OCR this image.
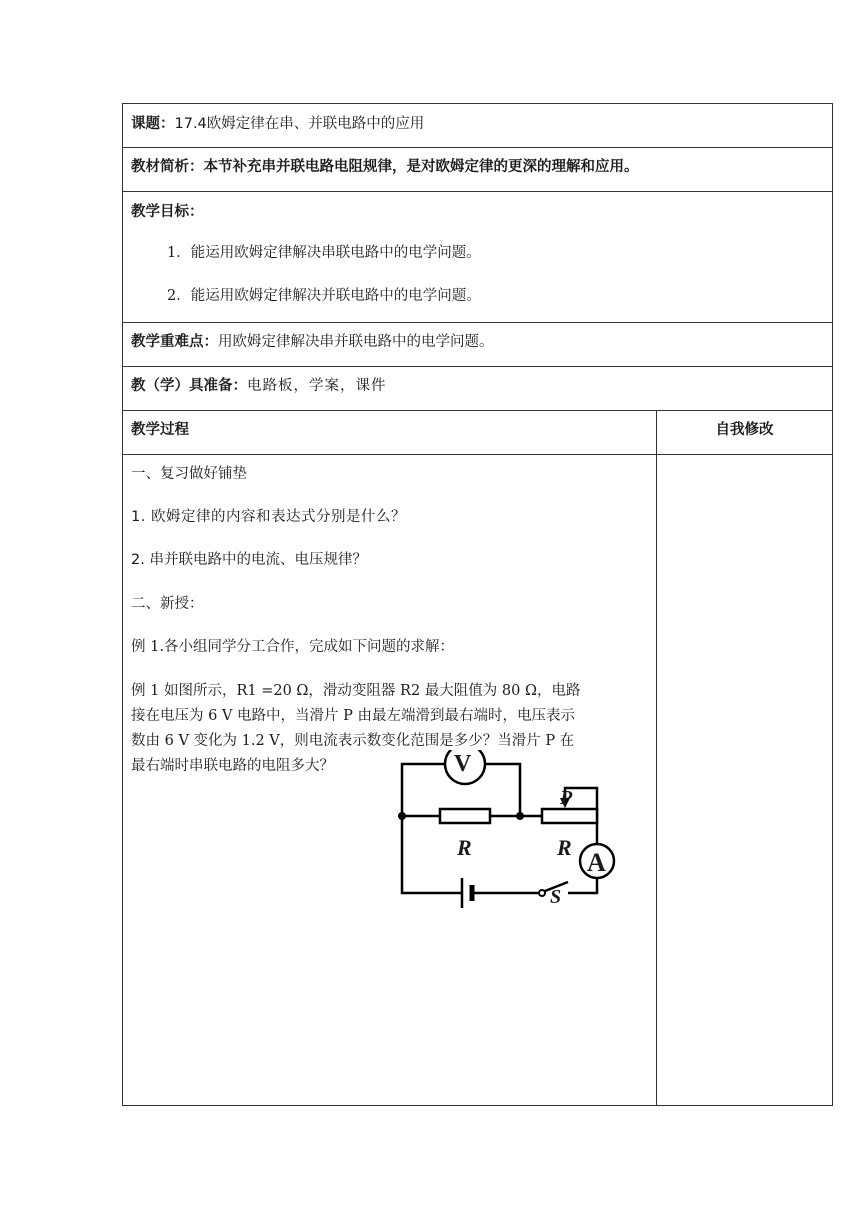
课题：17.4欧姆定律在串、并联电路中的应用
教材简析：本节补充串并联电路电阻规律，是对欧姆定律的更深的理解和应用。
教学目标：
1．能运用欧姆定律解决串联电路中的电学问题。
2．能运用欧姆定律解决并联电路中的电学问题。
教学重难点：用欧姆定律解决串并联电路中的电学问题。
教（学）具准备：电路板，学案，课件
教学过程	自我修改
一、复习做好铺垫
1. 欧姆定律的内容和表达式分别是什么？
2. 串并联电路中的电流、电压规律？
二、新授：
例 1.各小组同学分工合作，完成如下问题的求解：
例 1 如图所示，R1 =20 Ω，滑动变阻器 R2 最大阻值为 80 Ω，电路
接在电压为 6 V 电路中，当滑片 P 由最左端滑到最右端时，电压表示
数由 6 V 变化为 1.2 V，则电流表示数变化范围是多少？当滑片 P 在
最右端时串联电路的电阻多大？	V
A
R	R
P
S
